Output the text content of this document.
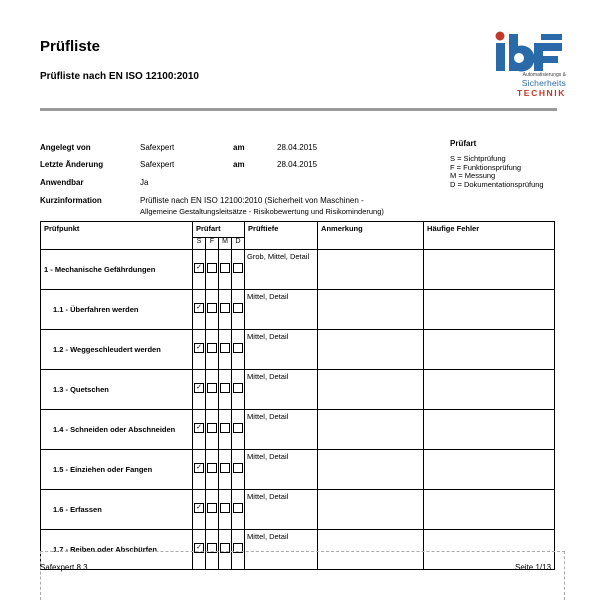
Prüfliste
Prüfliste nach EN ISO 12100:2010	Automatisierungs &
Sicherheits
TECHNIK
Angelegt von	Safexpert	am	28.04.2015
Letzte Änderung	Safexpert	am	28.04.2015
Anwendbar	Ja
Kurzinformation	Prüfliste nach EN ISO 12100:2010 (Sicherheit von Maschinen -
Allgemeine Gestaltungsleitsätze - Risikobewertung und Risikominderung)
Prüfart
S = Sichtprüfung
F = Funktionsprüfung
M = Messung
D = Dokumentationsprüfung
Prüfpunkt	Prüfart				Prüftiefe	Anmerkung	Häufige Fehler
	S	F	M	D			

1 - Mechanische Gefährdungen	✓				Grob, Mittel, Detail		

1.1 - Überfahren werden	✓				Mittel, Detail		

1.2 - Weggeschleudert werden	✓				Mittel, Detail		

1.3 - Quetschen	✓				Mittel, Detail		

1.4 - Schneiden oder Abschneiden	✓				Mittel, Detail		

1.5 - Einziehen oder Fangen	✓				Mittel, Detail		

1.6 - Erfassen	✓				Mittel, Detail		

1.7 - Reiben oder Abschürfen	✓				Mittel, Detail		
Safexpert 8.3	Seite 1/13
